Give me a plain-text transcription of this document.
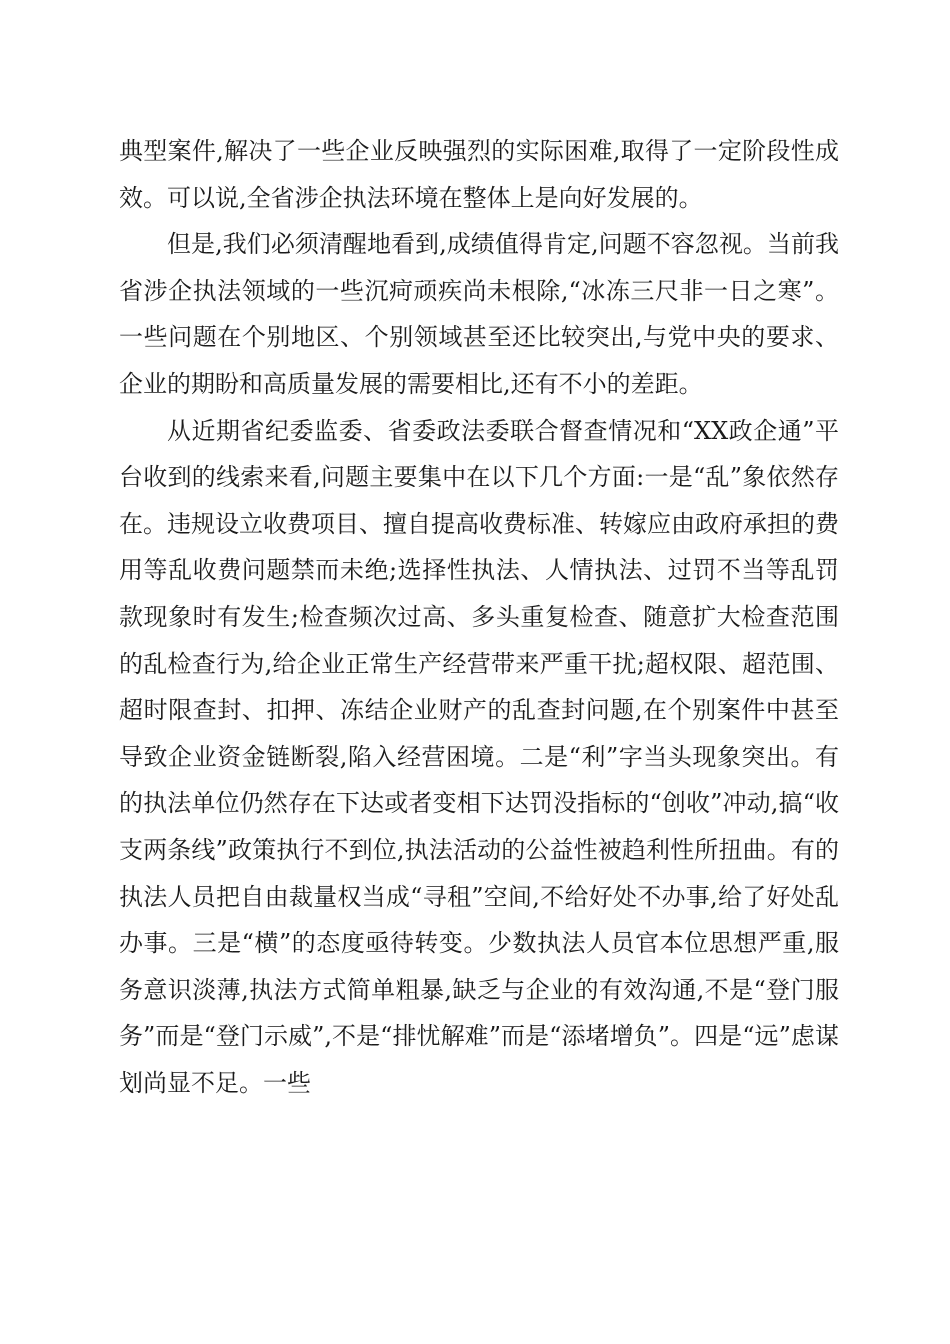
典型案件,解决了一些企业反映强烈的实际困难,取得了一定阶段性成效。可以说,全省涉企执法环境在整体上是向好发展的。

但是,我们必须清醒地看到,成绩值得肯定,问题不容忽视。当前我省涉企执法领域的一些沉疴顽疾尚未根除,“冰冻三尺非一日之寒”。一些问题在个别地区、个别领域甚至还比较突出,与党中央的要求、企业的期盼和高质量发展的需要相比,还有不小的差距。

从近期省纪委监委、省委政法委联合督查情况和“XX政企通”平台收到的线索来看,问题主要集中在以下几个方面:一是“乱”象依然存在。违规设立收费项目、擅自提高收费标准、转嫁应由政府承担的费用等乱收费问题禁而未绝;选择性执法、人情执法、过罚不当等乱罚款现象时有发生;检查频次过高、多头重复检查、随意扩大检查范围的乱检查行为,给企业正常生产经营带来严重干扰;超权限、超范围、超时限查封、扣押、冻结企业财产的乱查封问题,在个别案件中甚至导致企业资金链断裂,陷入经营困境。二是“利”字当头现象突出。有的执法单位仍然存在下达或者变相下达罚没指标的“创收”冲动,搞“收支两条线”政策执行不到位,执法活动的公益性被趋利性所扭曲。有的执法人员把自由裁量权当成“寻租”空间,不给好处不办事,给了好处乱办事。三是“横”的态度亟待转变。少数执法人员官本位思想严重,服务意识淡薄,执法方式简单粗暴,缺乏与企业的有效沟通,不是“登门服务”而是“登门示威”,不是“排忧解难”而是“添堵增负”。四是“远”虑谋划尚显不足。一些
